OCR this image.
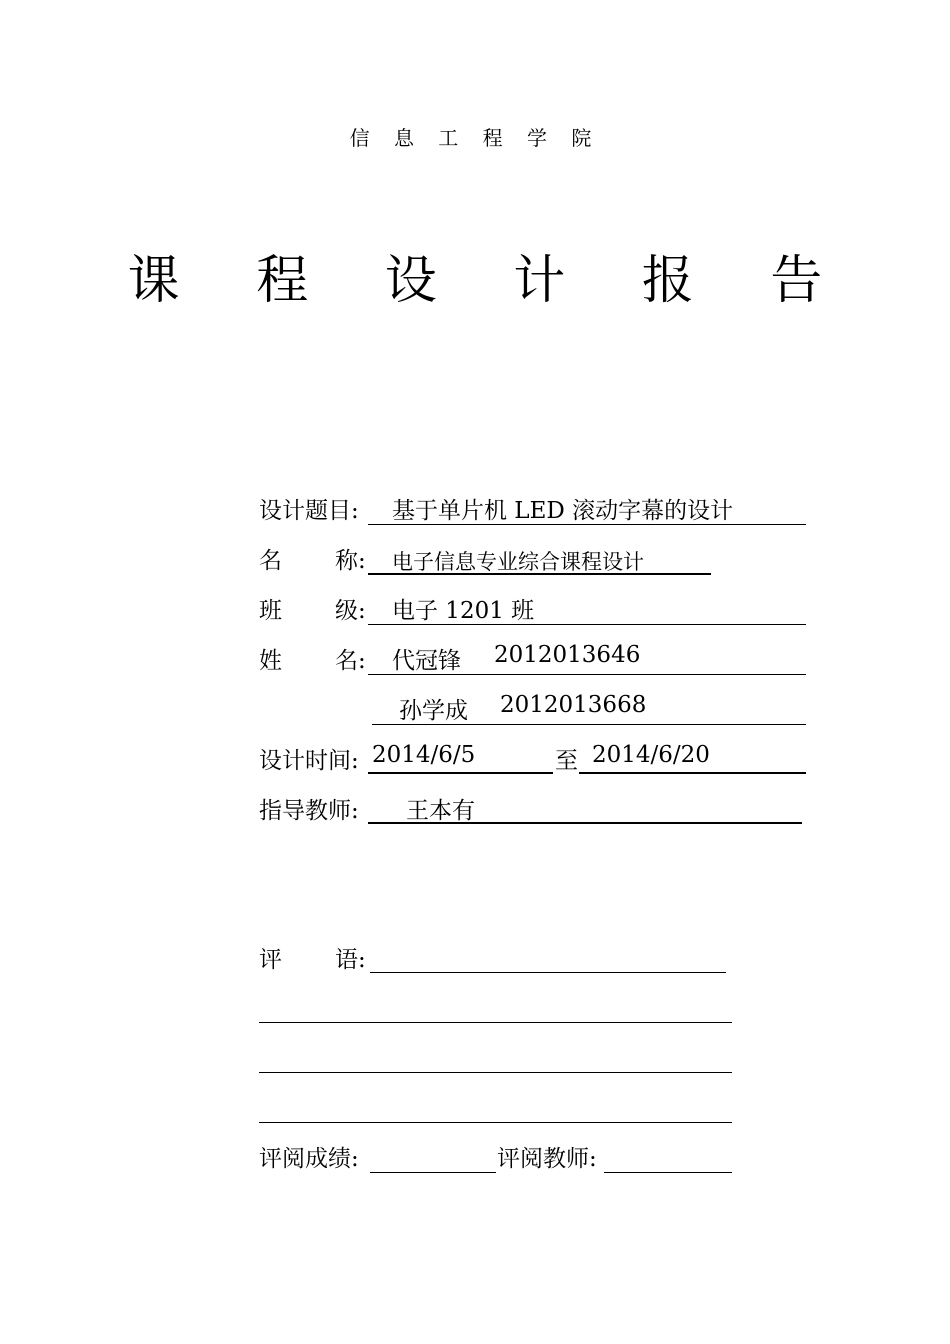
信 息 工 程 学 院
课 程 设 计 报 告
设计题目: 基于单片机 LED 滚动字幕的设计
名 称: 电子信息专业综合课程设计
班 级: 电子 1201 班
姓 名: 代冠锋 2012013646
孙学成 2012013668
设计时间: 2014/6/5	至 2014/6/20
指导教师: 王本有
评 语:
评阅成绩:	评阅教师:
